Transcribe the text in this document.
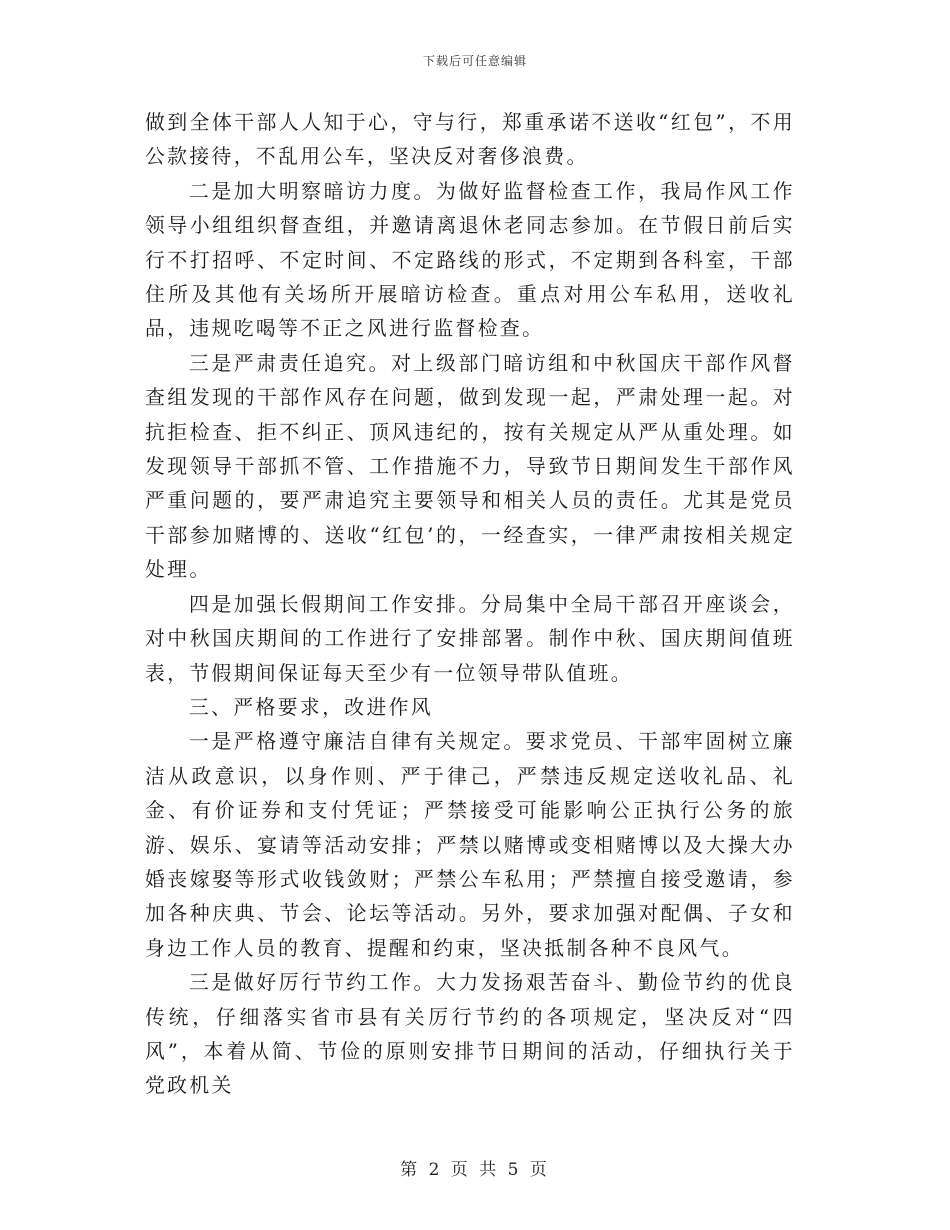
下载后可任意编辑

做到全体干部人人知于心，守与行，郑重承诺不送收“红包”，不用公款接待，不乱用公车，坚决反对奢侈浪费。

二是加大明察暗访力度。为做好监督检查工作，我局作风工作领导小组组织督查组，并邀请离退休老同志参加。在节假日前后实行不打招呼、不定时间、不定路线的形式，不定期到各科室，干部住所及其他有关场所开展暗访检查。重点对用公车私用，送收礼品，违规吃喝等不正之风进行监督检查。

三是严肃责任追究。对上级部门暗访组和中秋国庆干部作风督查组发现的干部作风存在问题，做到发现一起，严肃处理一起。对抗拒检查、拒不纠正、顶风违纪的，按有关规定从严从重处理。如发现领导干部抓不管、工作措施不力，导致节日期间发生干部作风严重问题的，要严肃追究主要领导和相关人员的责任。尤其是党员干部参加赌博的、送收“红包’的，一经查实，一律严肃按相关规定处理。

四是加强长假期间工作安排。分局集中全局干部召开座谈会，对中秋国庆期间的工作进行了安排部署。制作中秋、国庆期间值班表，节假期间保证每天至少有一位领导带队值班。

三、严格要求，改进作风

一是严格遵守廉洁自律有关规定。要求党员、干部牢固树立廉洁从政意识，以身作则、严于律己，严禁违反规定送收礼品、礼金、有价证券和支付凭证；严禁接受可能影响公正执行公务的旅游、娱乐、宴请等活动安排；严禁以赌博或变相赌博以及大操大办婚丧嫁娶等形式收钱敛财；严禁公车私用；严禁擅自接受邀请，参加各种庆典、节会、论坛等活动。另外，要求加强对配偶、子女和身边工作人员的教育、提醒和约束，坚决抵制各种不良风气。

三是做好厉行节约工作。大力发扬艰苦奋斗、勤俭节约的优良传统，仔细落实省市县有关厉行节约的各项规定，坚决反对“四风”，本着从简、节俭的原则安排节日期间的活动，仔细执行关于党政机关

第 2 页 共 5 页
